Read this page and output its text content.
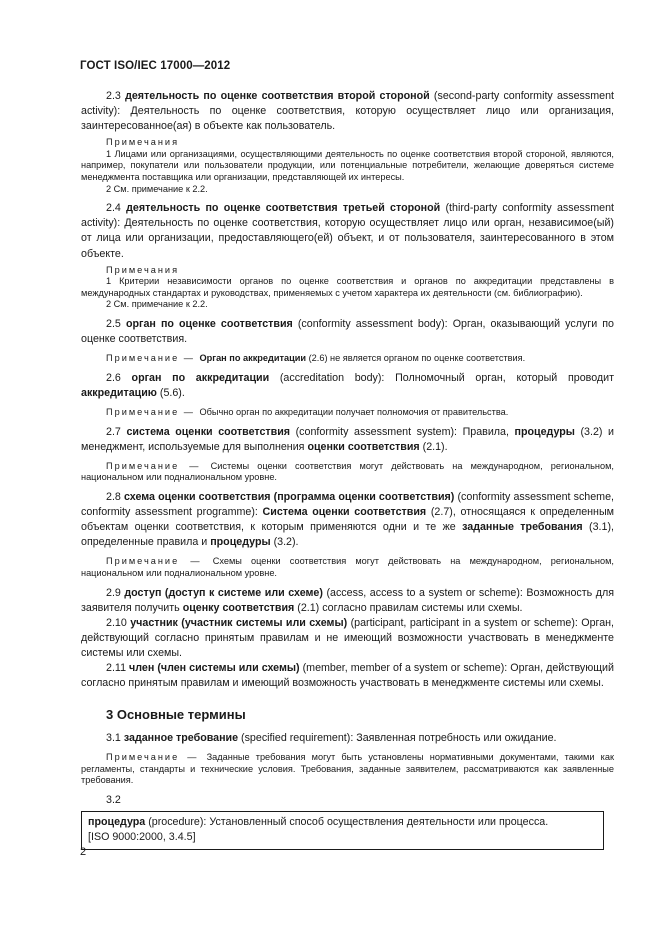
ГОСТ ISO/IEC 17000—2012

2.3 деятельность по оценке соответствия второй стороной (second-party conformity assessment activity): Деятельность по оценке соответствия, которую осуществляет лицо или организация, заинтересованное(ая) в объекте как пользователь.

Примечания

1 Лицами или организациями, осуществляющими деятельность по оценке соответствия второй стороной, являются, например, покупатели или пользователи продукции, или потенциальные потребители, желающие доверяться системе менеджмента поставщика или организации, представляющей их интересы.

2 См. примечание к 2.2.

2.4 деятельность по оценке соответствия третьей стороной (third-party conformity assessment activity): Деятельность по оценке соответствия, которую осуществляет лицо или орган, независимое(ый) от лица или организации, предоставляющего(ей) объект, и от пользователя, заинтересованного в этом объекте.

Примечания

1 Критерии независимости органов по оценке соответствия и органов по аккредитации представлены в международных стандартах и руководствах, применяемых с учетом характера их деятельности (см. библиографию).

2 См. примечание к 2.2.

2.5 орган по оценке соответствия (conformity assessment body): Орган, оказывающий услуги по оценке соответствия.

Примечание — Орган по аккредитации (2.6) не является органом по оценке соответствия.

2.6 орган по аккредитации (accreditation body): Полномочный орган, который проводит аккредитацию (5.6).

Примечание — Обычно орган по аккредитации получает полномочия от правительства.

2.7 система оценки соответствия (conformity assessment system): Правила, процедуры (3.2) и менеджмент, используемые для выполнения оценки соответствия (2.1).

Примечание — Системы оценки соответствия могут действовать на международном, региональном, национальном или подналиональном уровне.

2.8 схема оценки соответствия (программа оценки соответствия) (conformity assessment scheme, conformity assessment programme): Система оценки соответствия (2.7), относящаяся к определенным объектам оценки соответствия, к которым применяются одни и те же заданные требования (3.1), определенные правила и процедуры (3.2).

Примечание — Схемы оценки соответствия могут действовать на международном, региональном, национальном или подналиональном уровне.

2.9 доступ (доступ к системе или схеме) (access, access to a system or scheme): Возможность для заявителя получить оценку соответствия (2.1) согласно правилам системы или схемы.

2.10 участник (участник системы или схемы) (participant, participant in a system or scheme): Орган, действующий согласно принятым правилам и не имеющий возможности участвовать в менеджменте системы или схемы.

2.11 член (член системы или схемы) (member, member of a system or scheme): Орган, действующий согласно принятым правилам и имеющий возможность участвовать в менеджменте системы или схемы.

3 Основные термины

3.1 заданное требование (specified requirement): Заявленная потребность или ожидание.

Примечание — Заданные требования могут быть установлены нормативными документами, такими как регламенты, стандарты и технические условия. Требования, заданные заявителем, рассматриваются как заявленные требования.

3.2

процедура (procedure): Установленный способ осуществления деятельности или процесса.

[ISO 9000:2000, 3.4.5]

2
